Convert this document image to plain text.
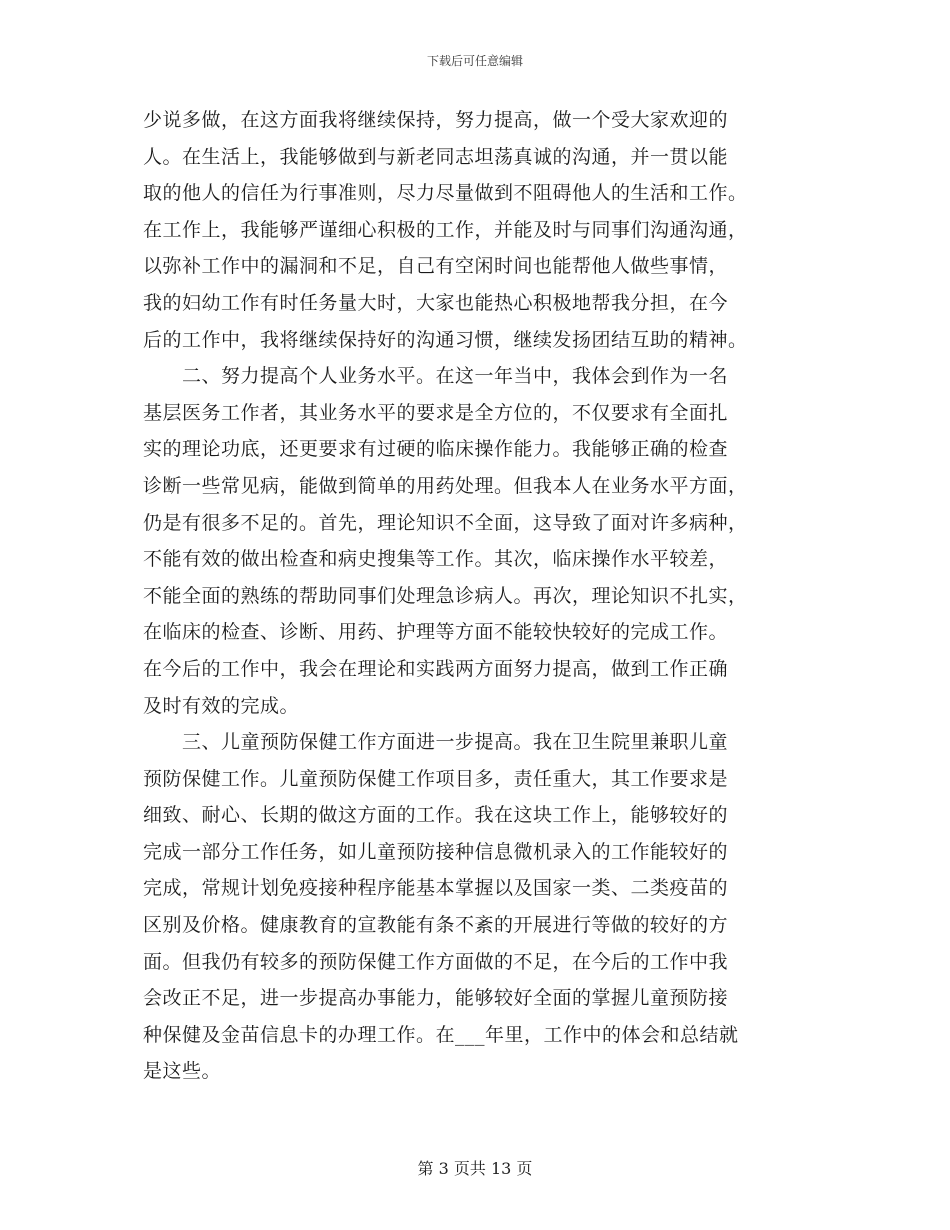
下载后可任意编辑
少说多做，在这方面我将继续保持，努力提高，做一个受大家欢迎的
人。在生活上，我能够做到与新老同志坦荡真诚的沟通，并一贯以能
取的他人的信任为行事准则，尽力尽量做到不阻碍他人的生活和工作。
在工作上，我能够严谨细心积极的工作，并能及时与同事们沟通沟通，
以弥补工作中的漏洞和不足，自己有空闲时间也能帮他人做些事情，
我的妇幼工作有时任务量大时，大家也能热心积极地帮我分担，在今
后的工作中，我将继续保持好的沟通习惯，继续发扬团结互助的精神。
　　二、努力提高个人业务水平。在这一年当中，我体会到作为一名
基层医务工作者，其业务水平的要求是全方位的，不仅要求有全面扎
实的理论功底，还更要求有过硬的临床操作能力。我能够正确的检查
诊断一些常见病，能做到简单的用药处理。但我本人在业务水平方面，
仍是有很多不足的。首先，理论知识不全面，这导致了面对许多病种，
不能有效的做出检查和病史搜集等工作。其次，临床操作水平较差，
不能全面的熟练的帮助同事们处理急诊病人。再次，理论知识不扎实，
在临床的检查、诊断、用药、护理等方面不能较快较好的完成工作。
在今后的工作中，我会在理论和实践两方面努力提高，做到工作正确
及时有效的完成。
　　三、儿童预防保健工作方面进一步提高。我在卫生院里兼职儿童
预防保健工作。儿童预防保健工作项目多，责任重大，其工作要求是
细致、耐心、长期的做这方面的工作。我在这块工作上，能够较好的
完成一部分工作任务，如儿童预防接种信息微机录入的工作能较好的
完成，常规计划免疫接种程序能基本掌握以及国家一类、二类疫苗的
区别及价格。健康教育的宣教能有条不紊的开展进行等做的较好的方
面。但我仍有较多的预防保健工作方面做的不足，在今后的工作中我
会改正不足，进一步提高办事能力，能够较好全面的掌握儿童预防接
种保健及金苗信息卡的办理工作。在___年里，工作中的体会和总结就
是这些。
第 3 页共 13 页
